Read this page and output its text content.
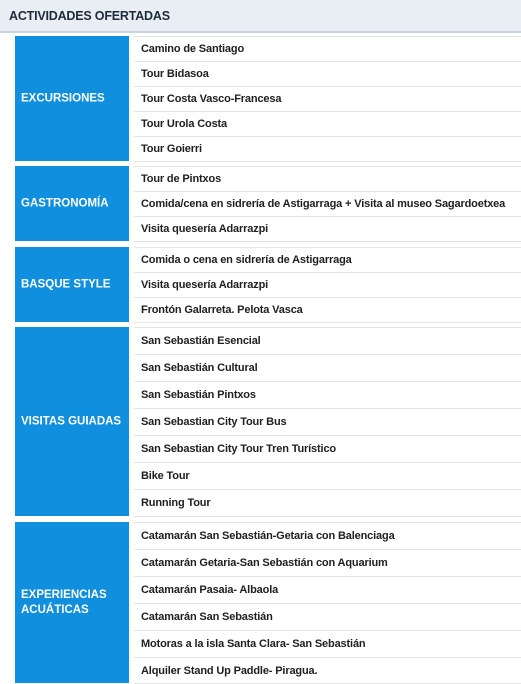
ACTIVIDADES OFERTADAS
EXCURSIONES
Camino de Santiago
Tour Bidasoa
Tour Costa Vasco-Francesa
Tour Urola Costa
Tour Goierri
GASTRONOMÍA
Tour de Pintxos
Comida/cena en sidrería de Astigarraga + Visita al museo Sagardoetxea
Visita quesería Adarrazpi
BASQUE STYLE
Comida o cena en sidrería de Astigarraga
Visita quesería Adarrazpi
Frontón Galarreta. Pelota Vasca
VISITAS GUIADAS
San Sebastián Esencial
San Sebastián Cultural
San Sebastián Pintxos
San Sebastian City Tour Bus
San Sebastian City Tour Tren Turístico
Bike Tour
Running Tour
EXPERIENCIAS
ACUÁTICAS
Catamarán San Sebastián-Getaria con Balenciaga
Catamarán Getaria-San Sebastián con Aquarium
Catamarán Pasaia- Albaola
Catamarán San Sebastián
Motoras a la isla Santa Clara- San Sebastián
Alquiler Stand Up Paddle- Piragua.
